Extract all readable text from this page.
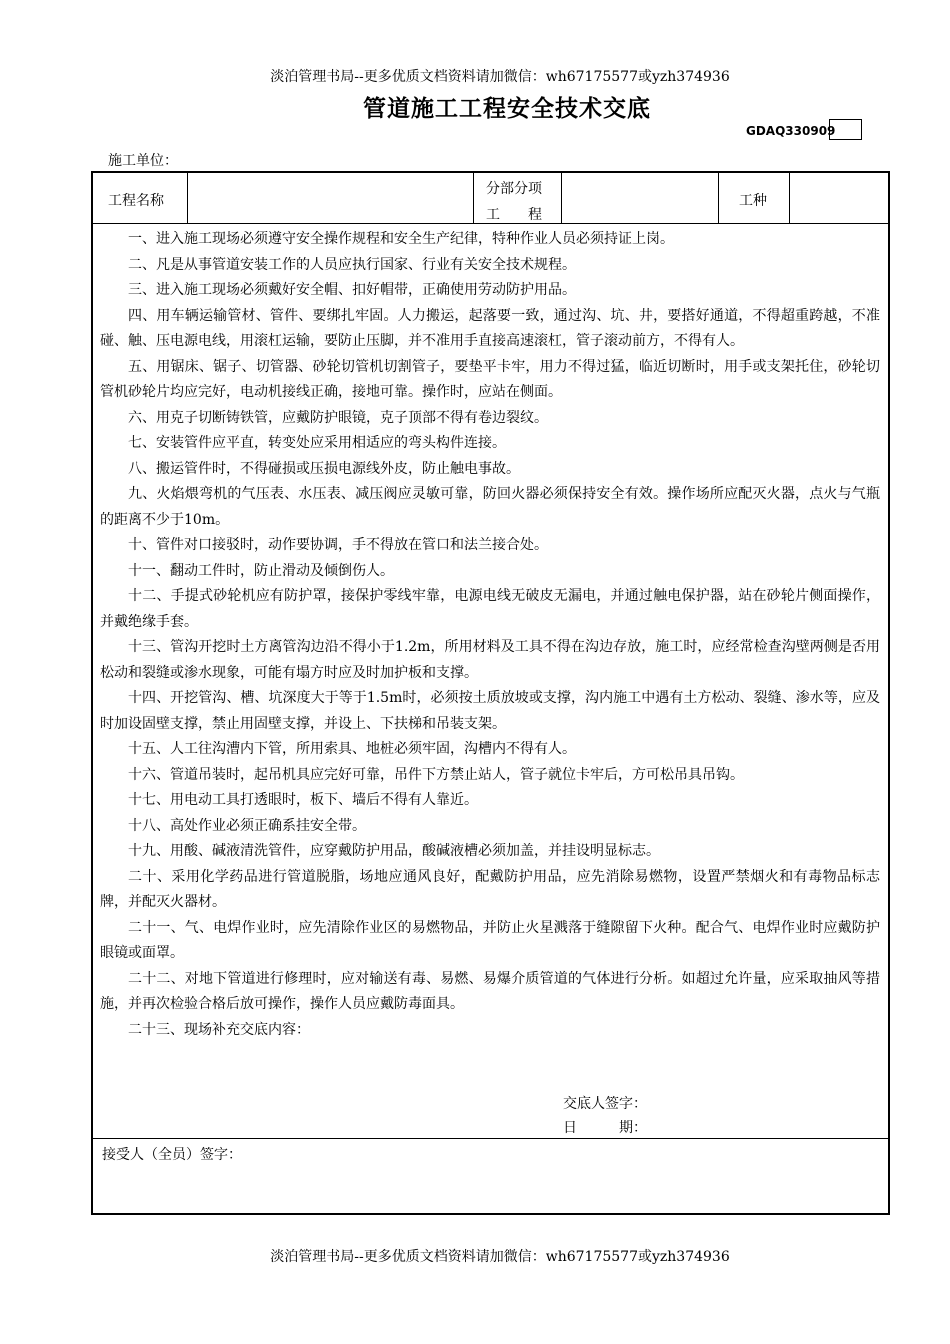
淡泊管理书局--更多优质文档资料请加微信：wh67175577或yzh374936
管道施工工程安全技术交底
GDAQ330909
施工单位：
工程名称
分部分项
工　　程
工种

一、进入施工现场必须遵守安全操作规程和安全生产纪律，特种作业人员必须持证上岗。

二、凡是从事管道安装工作的人员应执行国家、行业有关安全技术规程。

三、进入施工现场必须戴好安全帽、扣好帽带，正确使用劳动防护用品。

四、用车辆运输管材、管件、要绑扎牢固。人力搬运，起落要一致，通过沟、坑、井，要搭好通道，不得超重跨越，不准碰、触、压电源电线，用滚杠运输，要防止压脚，并不准用手直接高速滚杠，管子滚动前方，不得有人。

五、用锯床、锯子、切管器、砂轮切管机切割管子，要垫平卡牢，用力不得过猛，临近切断时，用手或支架托住，砂轮切管机砂轮片均应完好，电动机接线正确，接地可靠。操作时，应站在侧面。

六、用克子切断铸铁管，应戴防护眼镜，克子顶部不得有卷边裂纹。

七、安装管件应平直，转变处应采用相适应的弯头构件连接。

八、搬运管件时，不得碰损或压损电源线外皮，防止触电事故。

九、火焰煨弯机的气压表、水压表、减压阀应灵敏可靠，防回火器必须保持安全有效。操作场所应配灭火器，点火与气瓶的距离不少于10m。

十、管件对口接驳时，动作要协调，手不得放在管口和法兰接合处。

十一、翻动工件时，防止滑动及倾倒伤人。

十二、手提式砂轮机应有防护罩，接保护零线牢靠，电源电线无破皮无漏电，并通过触电保护器，站在砂轮片侧面操作，并戴绝缘手套。

十三、管沟开挖时土方离管沟边沿不得小于1.2m，所用材料及工具不得在沟边存放，施工时，应经常检查沟壁两侧是否用松动和裂缝或渗水现象，可能有塌方时应及时加护板和支撑。

十四、开挖管沟、槽、坑深度大于等于1.5m时，必须按土质放坡或支撑，沟内施工中遇有土方松动、裂缝、渗水等，应及时加设固壁支撑，禁止用固壁支撑，并设上、下扶梯和吊装支架。

十五、人工往沟漕内下管，所用索具、地桩必须牢固，沟槽内不得有人。

十六、管道吊装时，起吊机具应完好可靠，吊件下方禁止站人，管子就位卡牢后，方可松吊具吊钩。

十七、用电动工具打透眼时，板下、墙后不得有人靠近。

十八、高处作业必须正确系挂安全带。

十九、用酸、碱液清洗管件，应穿戴防护用品，酸碱液槽必须加盖，并挂设明显标志。

二十、采用化学药品进行管道脱脂，场地应通风良好，配戴防护用品，应先消除易燃物，设置严禁烟火和有毒物品标志牌，并配灭火器材。

二十一、气、电焊作业时，应先清除作业区的易燃物品，并防止火星溅落于缝隙留下火种。配合气、电焊作业时应戴防护眼镜或面罩。

二十二、对地下管道进行修理时，应对输送有毒、易燃、易爆介质管道的气体进行分析。如超过允许量，应采取抽风等措施，并再次检验合格后放可操作，操作人员应戴防毒面具。

二十三、现场补充交底内容：

交底人签字：
日　　　期：
接受人（全员）签字：
淡泊管理书局--更多优质文档资料请加微信：wh67175577或yzh374936
